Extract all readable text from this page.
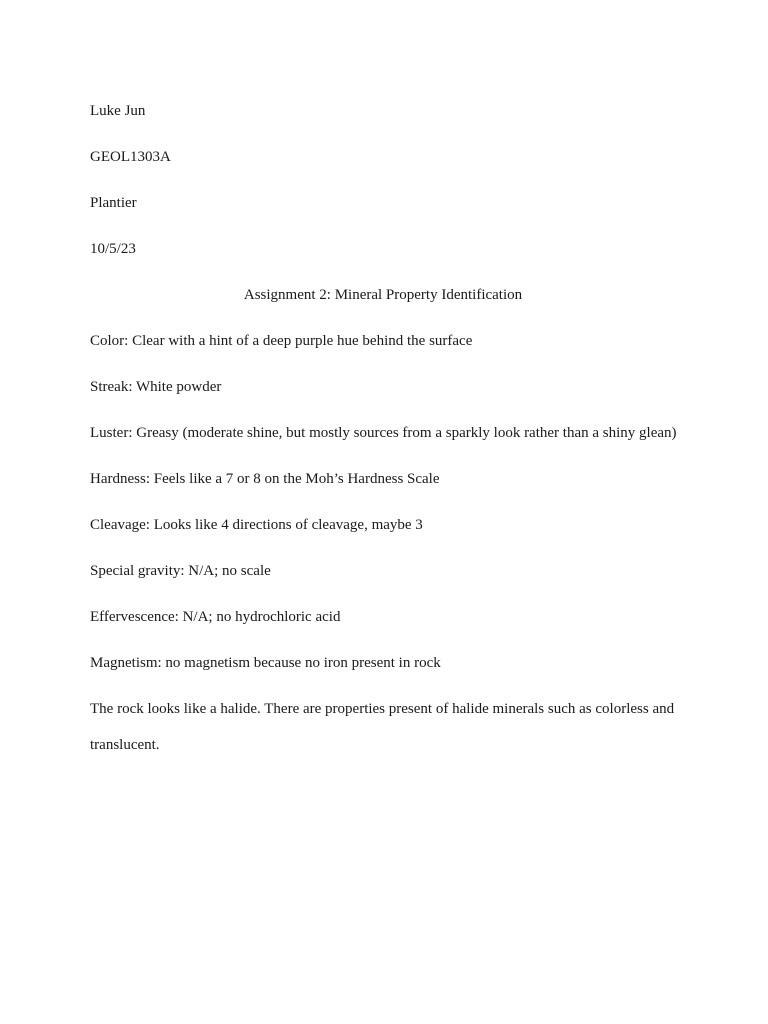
Luke Jun

GEOL1303A

Plantier

10/5/23

Assignment 2: Mineral Property Identification

Color: Clear with a hint of a deep purple hue behind the surface

Streak: White powder

Luster: Greasy (moderate shine, but mostly sources from a sparkly look rather than a shiny glean)

Hardness: Feels like a 7 or 8 on the Moh’s Hardness Scale

Cleavage: Looks like 4 directions of cleavage, maybe 3

Special gravity: N/A; no scale

Effervescence: N/A; no hydrochloric acid

Magnetism: no magnetism because no iron present in rock

The rock looks like a halide. There are properties present of halide minerals such as colorless and translucent.
